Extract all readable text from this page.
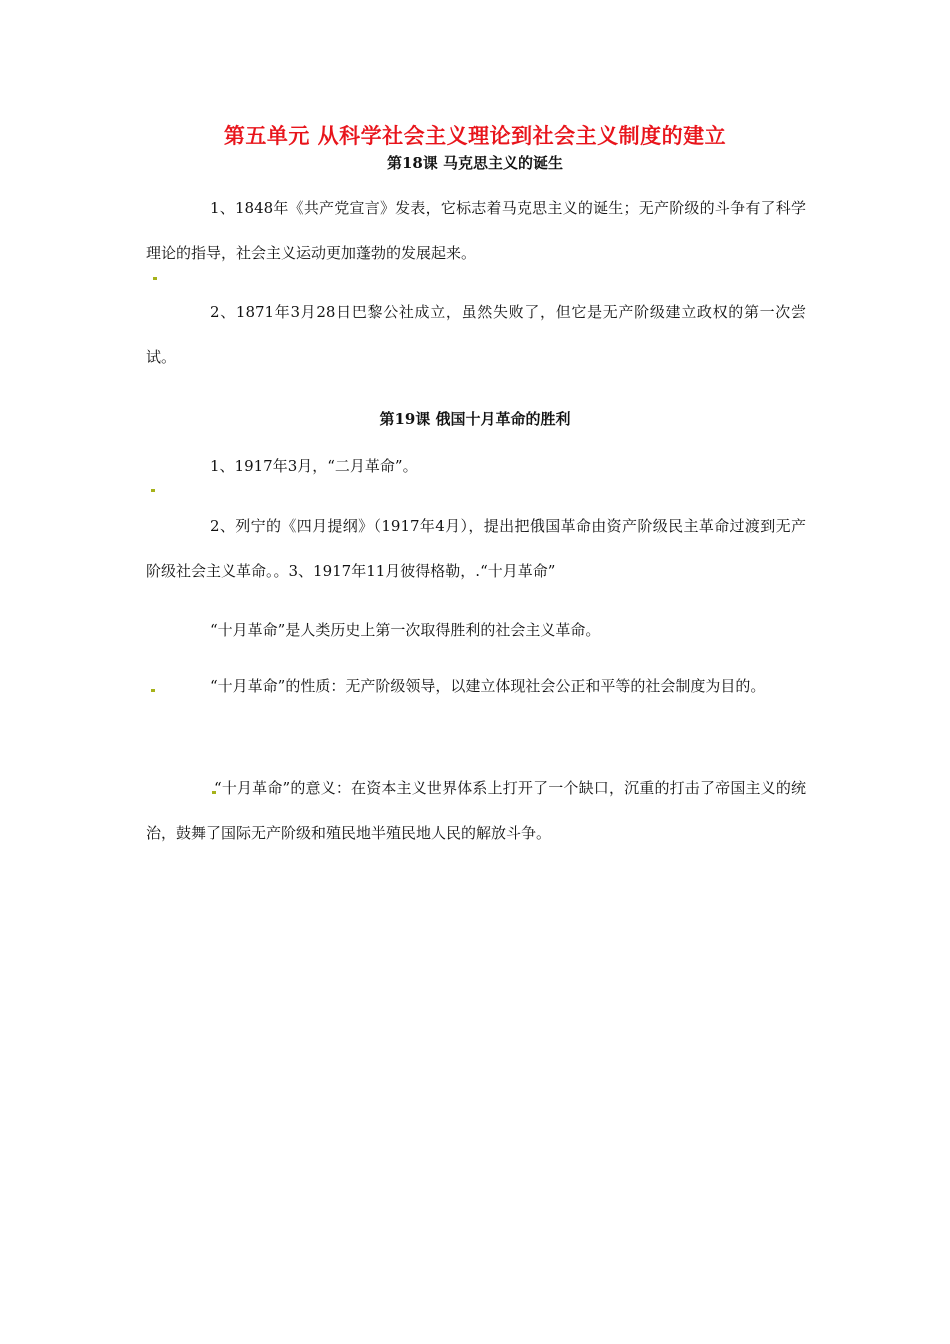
第五单元 从科学社会主义理论到社会主义制度的建立
第18课 马克思主义的诞生

1、1848年《共产党宣言》发表，它标志着马克思主义的诞生；无产阶级的斗争有了科学理论的指导，社会主义运动更加蓬勃的发展起来。

2、1871年3月28日巴黎公社成立，虽然失败了，但它是无产阶级建立政权的第一次尝试。

第19课 俄国十月革命的胜利

1、1917年3月，“二月革命”。

2、列宁的《四月提纲》（1917年4月），提出把俄国革命由资产阶级民主革命过渡到无产阶级社会主义革命。。3、1917年11月彼得格勒，.“十月革命”

“十月革命”是人类历史上第一次取得胜利的社会主义革命。

“十月革命”的性质：无产阶级领导，以建立体现社会公正和平等的社会制度为目的。

“十月革命”的意义：在资本主义世界体系上打开了一个缺口，沉重的打击了帝国主义的统治，鼓舞了国际无产阶级和殖民地半殖民地人民的解放斗争。
